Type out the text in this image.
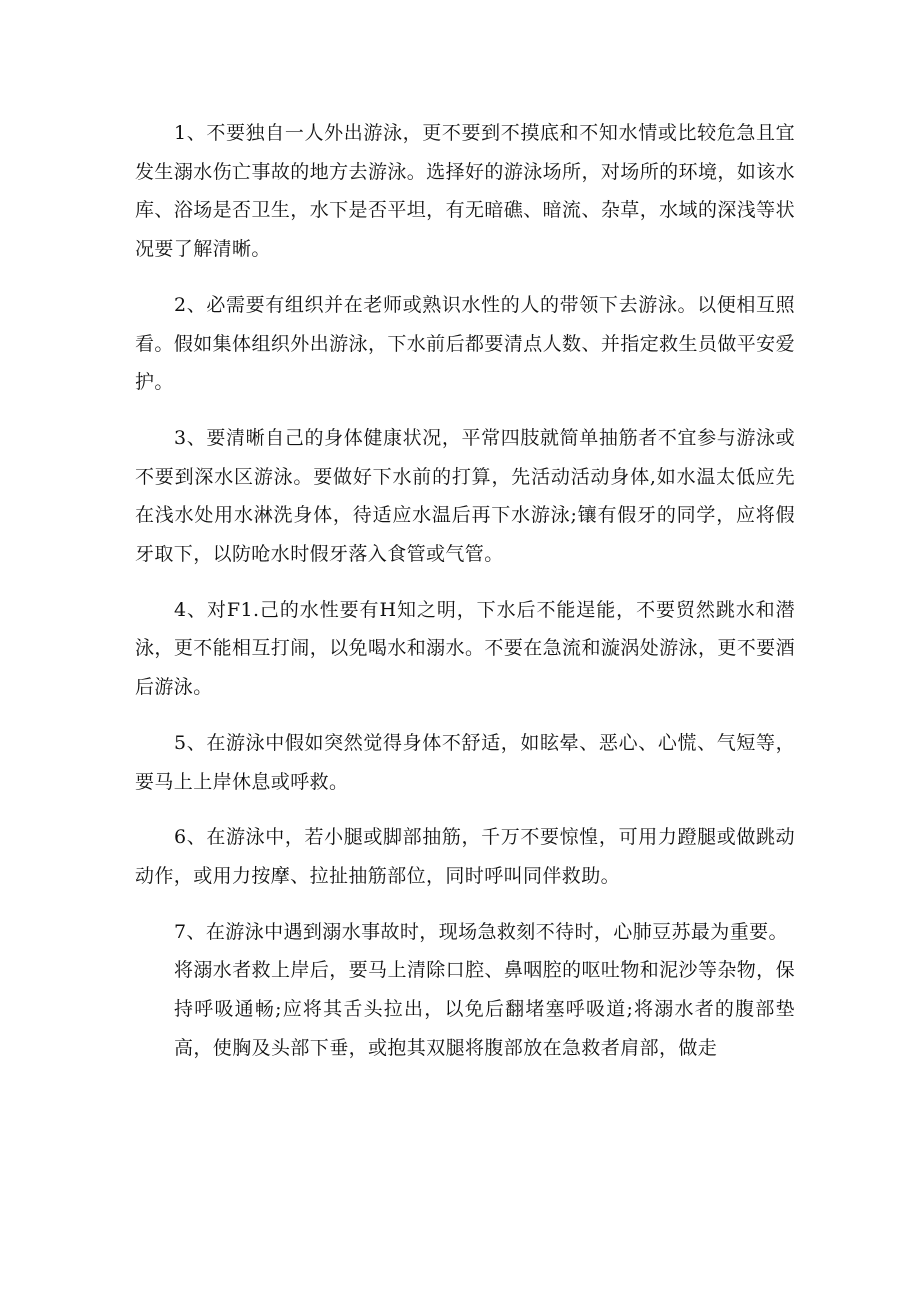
1、不要独自一人外出游泳，更不要到不摸底和不知水情或比较危急且宜发生溺水伤亡事故的地方去游泳。选择好的游泳场所，对场所的环境，如该水库、浴场是否卫生，水下是否平坦，有无暗礁、暗流、杂草，水域的深浅等状况要了解清晰。

2、必需要有组织并在老师或熟识水性的人的带领下去游泳。以便相互照看。假如集体组织外出游泳，下水前后都要清点人数、并指定救生员做平安爱护。

3、要清晰自己的身体健康状况，平常四肢就简单抽筋者不宜参与游泳或不要到深水区游泳。要做好下水前的打算，先活动活动身体,如水温太低应先在浅水处用水淋洗身体，待适应水温后再下水游泳;镶有假牙的同学，应将假牙取下，以防呛水时假牙落入食管或气管。

4、对F1.己的水性要有H知之明，下水后不能逞能，不要贸然跳水和潜泳，更不能相互打闹，以免喝水和溺水。不要在急流和漩涡处游泳，更不要酒后游泳。

5、在游泳中假如突然觉得身体不舒适，如眩晕、恶心、心慌、气短等，要马上上岸休息或呼救。

6、在游泳中，若小腿或脚部抽筋，千万不要惊惶，可用力蹬腿或做跳动动作，或用力按摩、拉扯抽筋部位，同时呼叫同伴救助。

7、在游泳中遇到溺水事故时，现场急救刻不待时，心肺豆苏最为重要。
将溺水者救上岸后，要马上清除口腔、鼻咽腔的呕吐物和泥沙等杂物，保持呼吸通畅;应将其舌头拉出，以免后翻堵塞呼吸道;将溺水者的腹部垫高，使胸及头部下垂，或抱其双腿将腹部放在急救者肩部，做走
